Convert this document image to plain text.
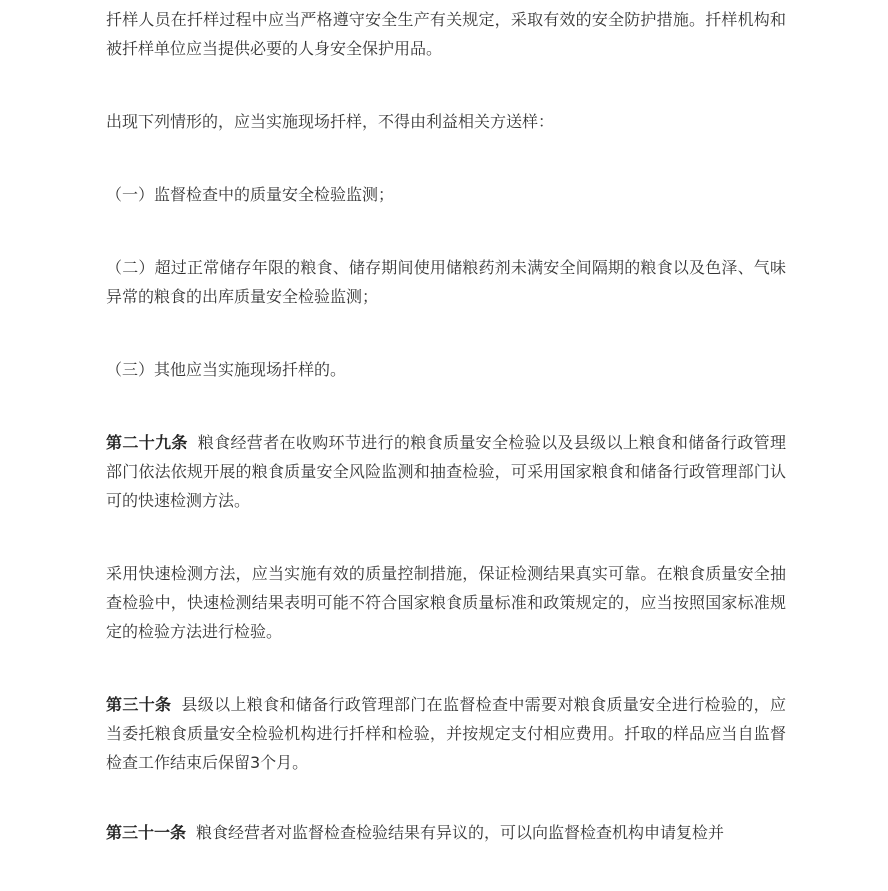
扦样人员在扦样过程中应当严格遵守安全生产有关规定，采取有效的安全防护措施。扦样机构和被扦样单位应当提供必要的人身安全保护用品。

出现下列情形的，应当实施现场扦样，不得由利益相关方送样：

（一）监督检查中的质量安全检验监测；

（二）超过正常储存年限的粮食、储存期间使用储粮药剂未满安全间隔期的粮食以及色泽、气味异常的粮食的出库质量安全检验监测；

（三）其他应当实施现场扦样的。

第二十九条 粮食经营者在收购环节进行的粮食质量安全检验以及县级以上粮食和储备行政管理部门依法依规开展的粮食质量安全风险监测和抽查检验，可采用国家粮食和储备行政管理部门认可的快速检测方法。

采用快速检测方法，应当实施有效的质量控制措施，保证检测结果真实可靠。在粮食质量安全抽查检验中，快速检测结果表明可能不符合国家粮食质量标准和政策规定的，应当按照国家标准规定的检验方法进行检验。

第三十条 县级以上粮食和储备行政管理部门在监督检查中需要对粮食质量安全进行检验的，应当委托粮食质量安全检验机构进行扦样和检验，并按规定支付相应费用。扦取的样品应当自监督检查工作结束后保留3个月。

第三十一条 粮食经营者对监督检查检验结果有异议的，可以向监督检查机构申请复检并
